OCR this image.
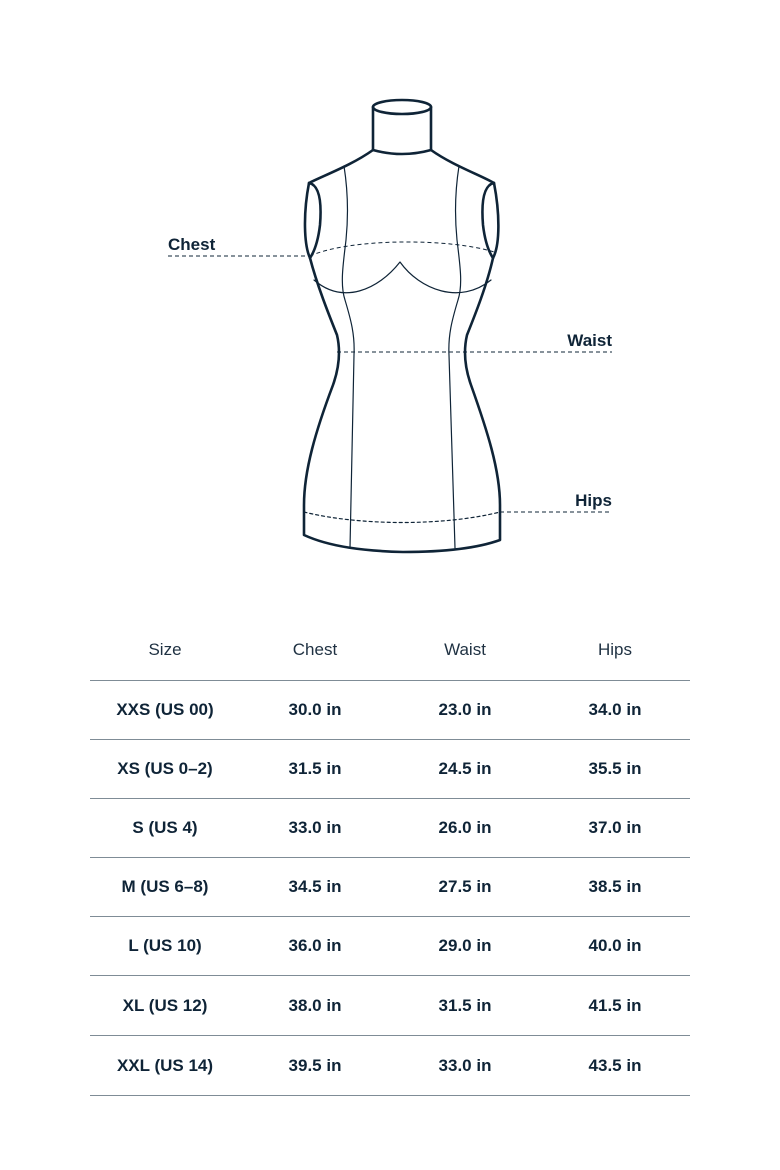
Chest
Waist
Hips
Size	Chest	Waist	Hips
XXS (US 00)	30.0 in	23.0 in	34.0 in
XS (US 0–2)	31.5 in	24.5 in	35.5 in
S (US 4)	33.0 in	26.0 in	37.0 in
M (US 6–8)	34.5 in	27.5 in	38.5 in
L (US 10)	36.0 in	29.0 in	40.0 in
XL (US 12)	38.0 in	31.5 in	41.5 in
XXL (US 14)	39.5 in	33.0 in	43.5 in
